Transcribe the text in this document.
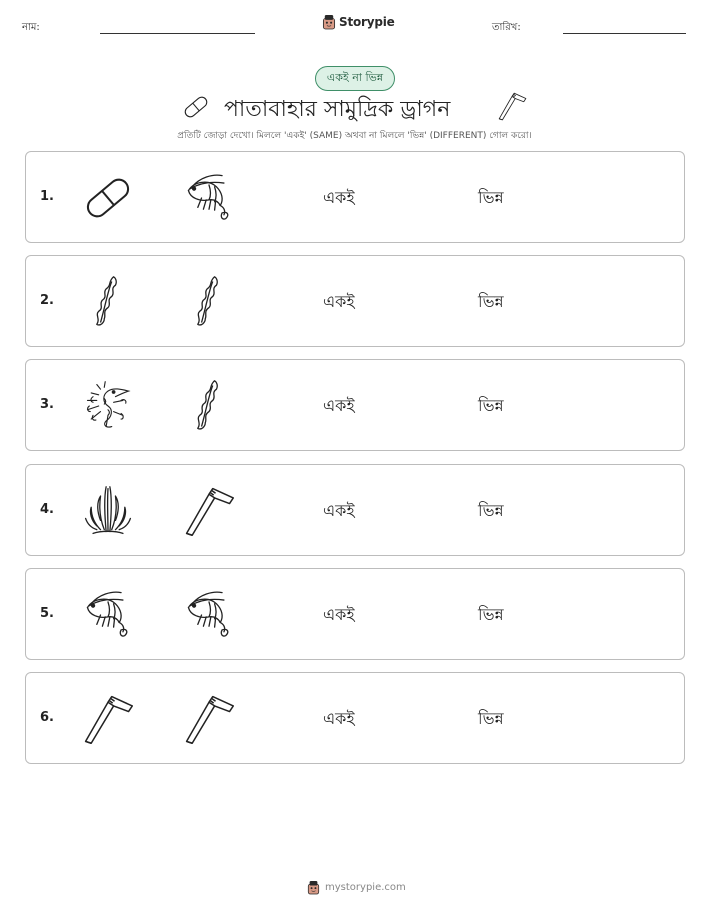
নাম:	Storypie	তারিখ:
একই না ভিন্ন
পাতাবাহার সামুদ্রিক ড্রাগন
প্রতিটি জোড়া দেখো। মিললে 'একই' (SAME) অথবা না মিললে 'ভিন্ন' (DIFFERENT) গোল করো।
1.	একই	ভিন্ন
2.	একই	ভিন্ন
3.	একই	ভিন্ন
4.	একই	ভিন্ন
5.	একই	ভিন্ন
6.	একই	ভিন্ন
mystorypie.com
